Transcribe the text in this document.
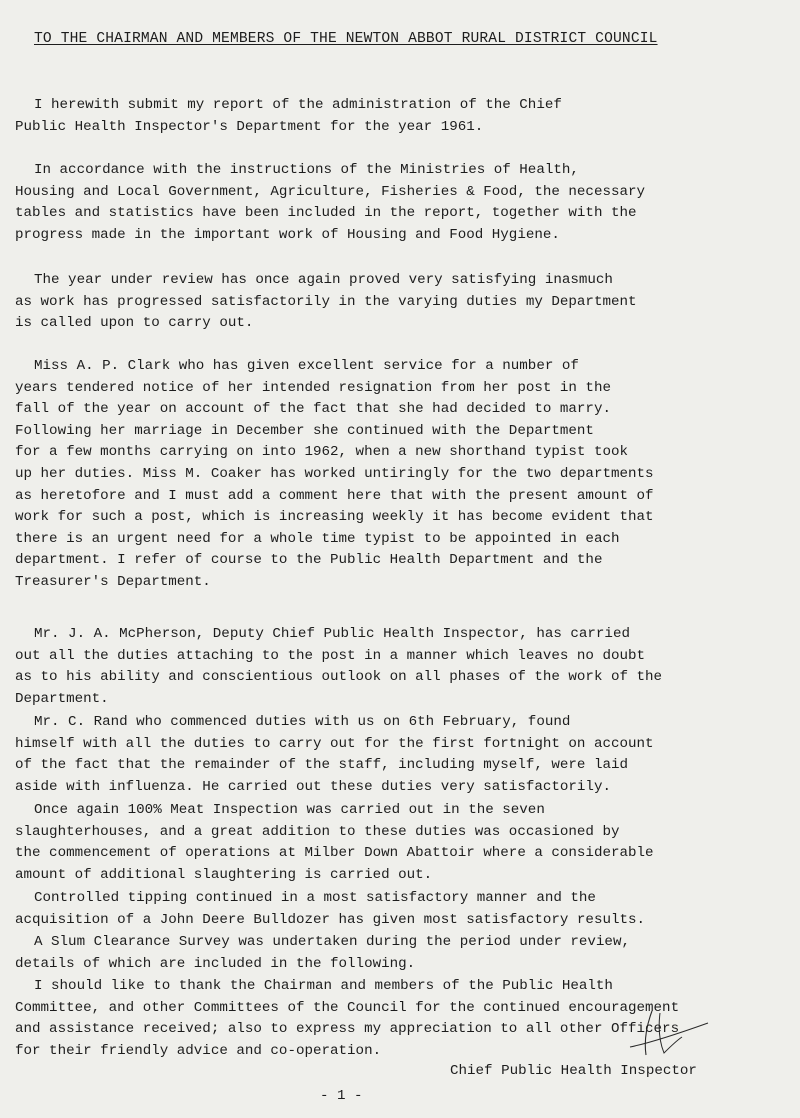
TO THE CHAIRMAN AND MEMBERS OF THE NEWTON ABBOT RURAL DISTRICT COUNCIL

I herewith submit my report of the administration of the Chief
Public Health Inspector's Department for the year 1961.

In accordance with the instructions of the Ministries of Health,
Housing and Local Government, Agriculture, Fisheries & Food, the necessary
tables and statistics have been included in the report, together with the
progress made in the important work of Housing and Food Hygiene.

The year under review has once again proved very satisfying inasmuch
as work has progressed satisfactorily in the varying duties my Department
is called upon to carry out.

Miss A. P. Clark who has given excellent service for a number of
years tendered notice of her intended resignation from her post in the
fall of the year on account of the fact that she had decided to marry.
Following her marriage in December she continued with the Department
for a few months carrying on into 1962, when a new shorthand typist took
up her duties. Miss M. Coaker has worked untiringly for the two departments
as heretofore and I must add a comment here that with the present amount of
work for such a post, which is increasing weekly it has become evident that
there is an urgent need for a whole time typist to be appointed in each
department. I refer of course to the Public Health Department and the
Treasurer's Department.

Mr. J. A. McPherson, Deputy Chief Public Health Inspector, has carried
out all the duties attaching to the post in a manner which leaves no doubt
as to his ability and conscientious outlook on all phases of the work of the
Department.

Mr. C. Rand who commenced duties with us on 6th February, found
himself with all the duties to carry out for the first fortnight on account
of the fact that the remainder of the staff, including myself, were laid
aside with influenza. He carried out these duties very satisfactorily.

Once again 100% Meat Inspection was carried out in the seven
slaughterhouses, and a great addition to these duties was occasioned by
the commencement of operations at Milber Down Abattoir where a considerable
amount of additional slaughtering is carried out.

Controlled tipping continued in a most satisfactory manner and the
acquisition of a John Deere Bulldozer has given most satisfactory results.

A Slum Clearance Survey was undertaken during the period under review,
details of which are included in the following.

Chief Public Health Inspector
- 1 -

I should like to thank the Chairman and members of the Public Health
Committee, and other Committees of the Council for the continued encouragement
and assistance received; also to express my appreciation to all other Officers
for their friendly advice and co-operation.
